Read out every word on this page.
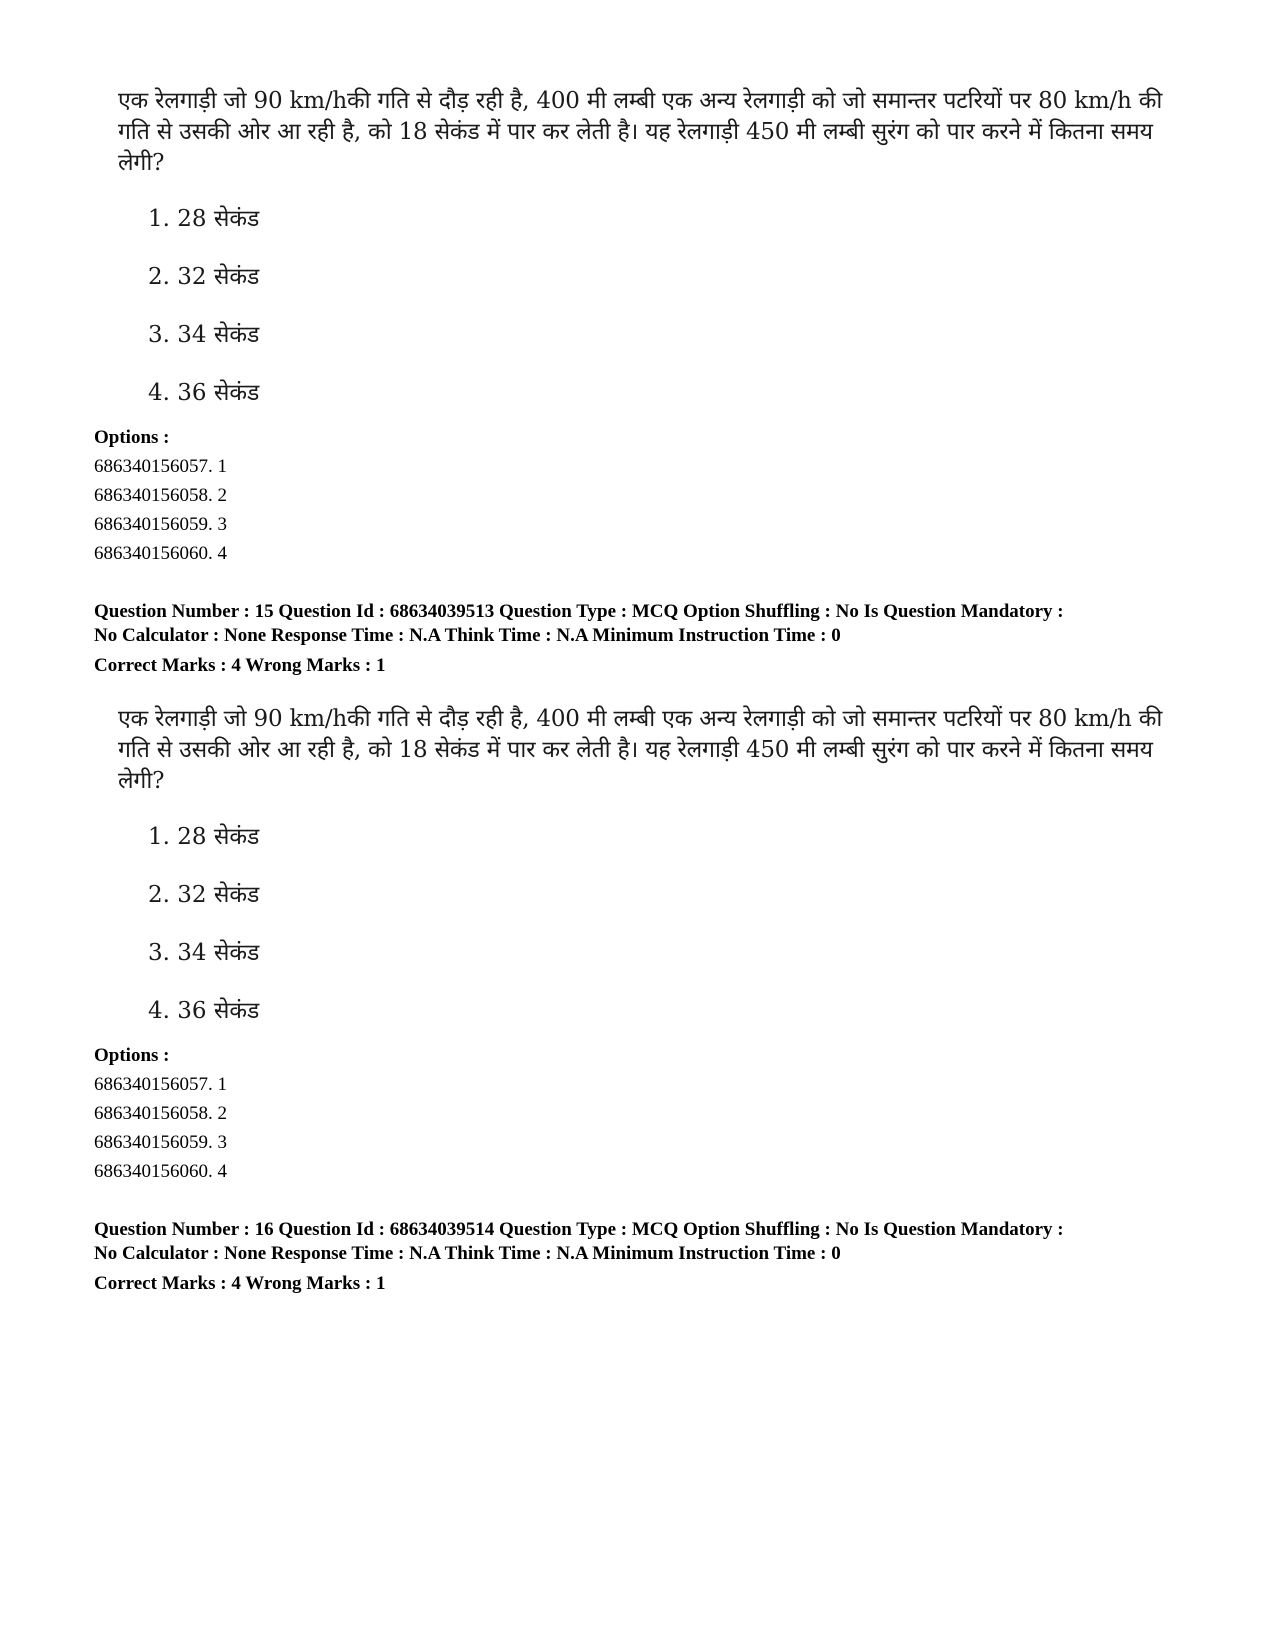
एक रेलगाड़ी जो 90 km/hकी गति से दौड़ रही है, 400 मी लम्बी एक अन्य रेलगाड़ी को जो समान्तर पटरियों पर 80 km/h की गति से उसकी ओर आ रही है, को 18 सेकंड में पार कर लेती है। यह रेलगाड़ी 450 मी लम्बी सुरंग को पार करने में कितना समय लेगी?

1. 28 सेकंड
2. 32 सेकंड
3. 34 सेकंड
4. 36 सेकंड
Options :
686340156057. 1
686340156058. 2
686340156059. 3
686340156060. 4
Question Number : 15 Question Id : 68634039513 Question Type : MCQ Option Shuffling : No Is Question Mandatory :
No Calculator : None Response Time : N.A Think Time : N.A Minimum Instruction Time : 0
Correct Marks : 4 Wrong Marks : 1

एक रेलगाड़ी जो 90 km/hकी गति से दौड़ रही है, 400 मी लम्बी एक अन्य रेलगाड़ी को जो समान्तर पटरियों पर 80 km/h की गति से उसकी ओर आ रही है, को 18 सेकंड में पार कर लेती है। यह रेलगाड़ी 450 मी लम्बी सुरंग को पार करने में कितना समय लेगी?

1. 28 सेकंड
2. 32 सेकंड
3. 34 सेकंड
4. 36 सेकंड
Options :
686340156057. 1
686340156058. 2
686340156059. 3
686340156060. 4
Question Number : 16 Question Id : 68634039514 Question Type : MCQ Option Shuffling : No Is Question Mandatory :
No Calculator : None Response Time : N.A Think Time : N.A Minimum Instruction Time : 0
Correct Marks : 4 Wrong Marks : 1
